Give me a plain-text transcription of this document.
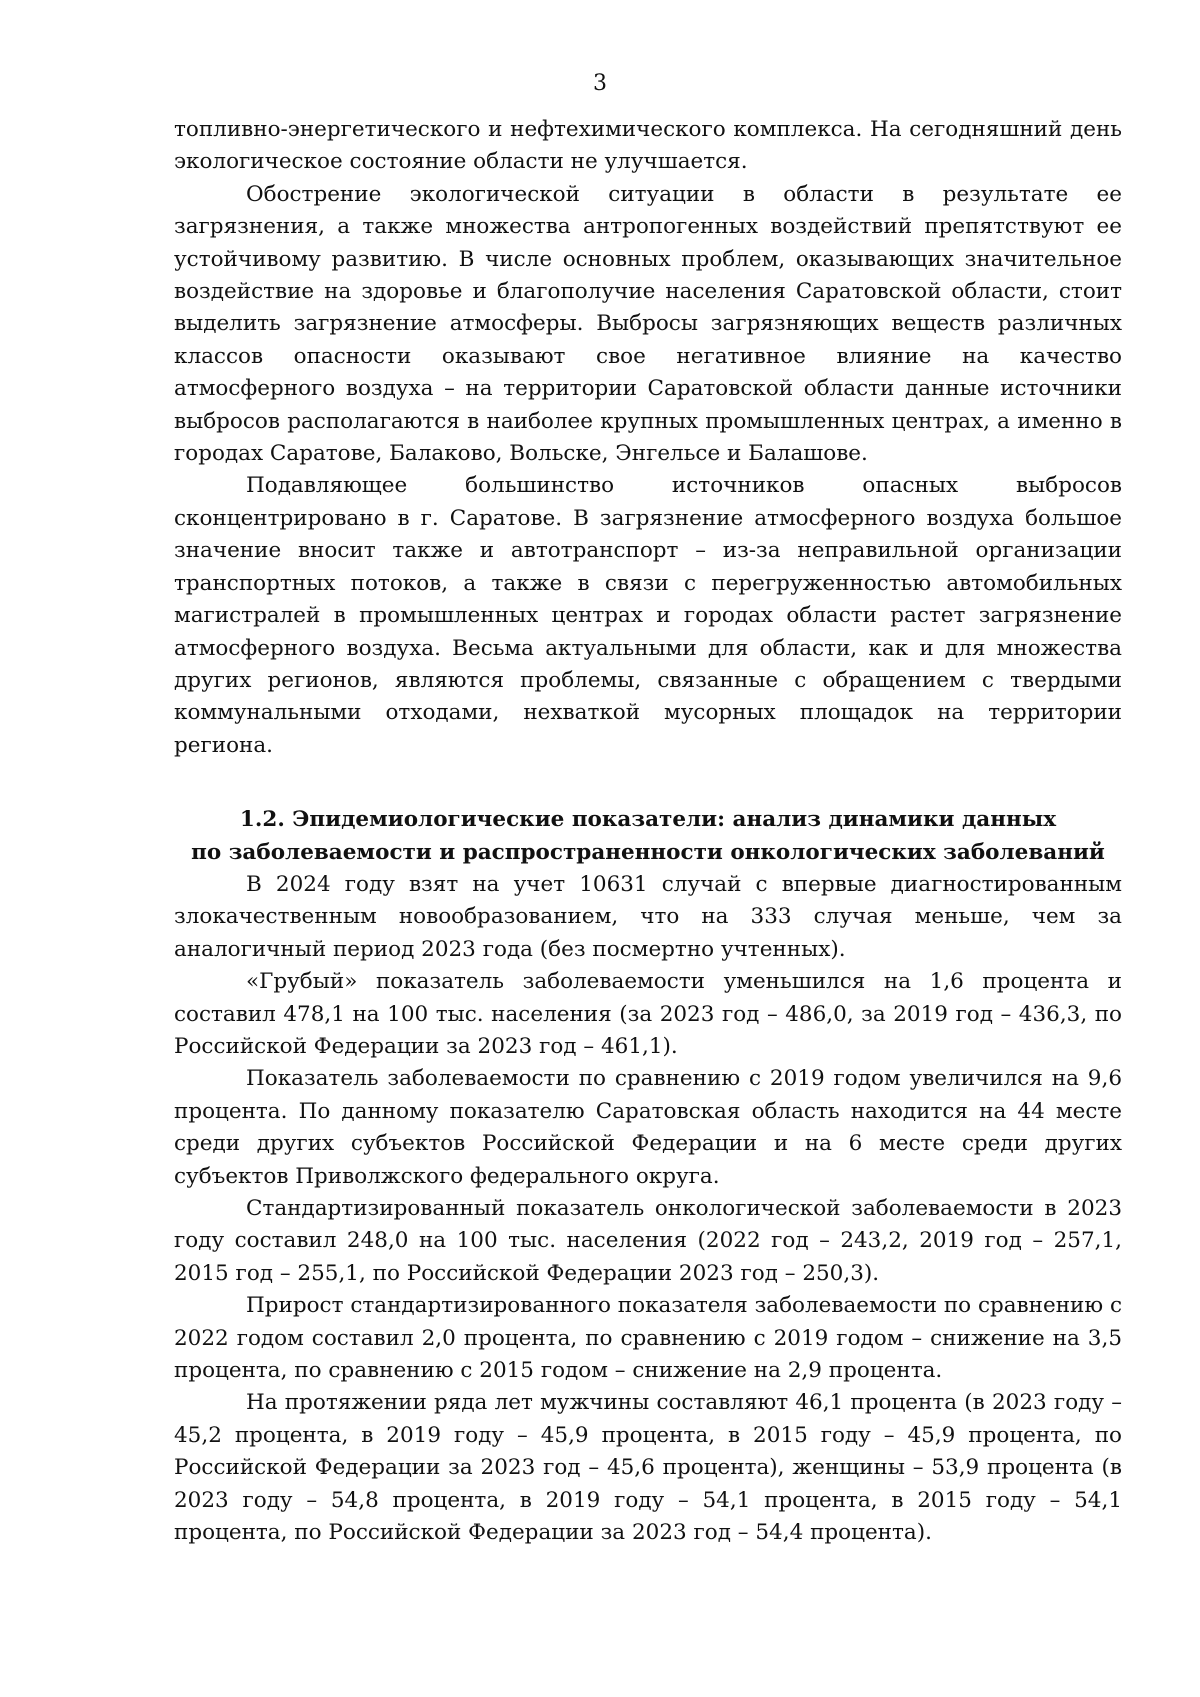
3

топливно-энергетического и нефтехимического комплекса. На сегодняшний день экологическое состояние области не улучшается.

Обострение экологической ситуации в области в результате ее загрязнения, а также множества антропогенных воздействий препятствуют ее устойчивому развитию. В числе основных проблем, оказывающих значительное воздействие на здоровье и благополучие населения Саратовской области, стоит выделить загрязнение атмосферы. Выбросы загрязняющих веществ различных классов опасности оказывают свое негативное влияние на качество атмосферного воздуха – на территории Саратовской области данные источники выбросов располагаются в наиболее крупных промышленных центрах, а именно в городах Саратове, Балаково, Вольске, Энгельсе и Балашове.

Подавляющее большинство источников опасных выбросов сконцентрировано в г. Саратове. В загрязнение атмосферного воздуха большое значение вносит также и автотранспорт – из-за неправильной организации транспортных потоков, а также в связи с перегруженностью автомобильных магистралей в промышленных центрах и городах области растет загрязнение атмосферного воздуха. Весьма актуальными для области, как и для множества других регионов, являются проблемы, связанные с обращением с твердыми коммунальными отходами, нехваткой мусорных площадок на территории региона.

1.2. Эпидемиологические показатели: анализ динамики данных
по заболеваемости и распространенности онкологических заболеваний

В 2024 году взят на учет 10631 случай с впервые диагностированным злокачественным новообразованием, что на 333 случая меньше, чем за аналогичный период 2023 года (без посмертно учтенных).

«Грубый» показатель заболеваемости уменьшился на 1,6 процента и составил 478,1 на 100 тыс. населения (за 2023 год – 486,0, за 2019 год – 436,3, по Российской Федерации за 2023 год – 461,1).

Показатель заболеваемости по сравнению с 2019 годом увеличился на 9,6 процента. По данному показателю Саратовская область находится на 44 месте среди других субъектов Российской Федерации и на 6 месте среди других субъектов Приволжского федерального округа.

Стандартизированный показатель онкологической заболеваемости в 2023 году составил 248,0 на 100 тыс. населения (2022 год – 243,2, 2019 год – 257,1, 2015 год – 255,1, по Российской Федерации 2023 год – 250,3).

Прирост стандартизированного показателя заболеваемости по сравнению с 2022 годом составил 2,0 процента, по сравнению с 2019 годом – снижение на 3,5 процента, по сравнению с 2015 годом – снижение на 2,9 процента.

На протяжении ряда лет мужчины составляют 46,1 процента (в 2023 году – 45,2 процента, в 2019 году – 45,9 процента, в 2015 году – 45,9 процента, по Российской Федерации за 2023 год – 45,6 процента), женщины – 53,9 процента (в 2023 году – 54,8 процента, в 2019 году – 54,1 процента, в 2015 году – 54,1 процента, по Российской Федерации за 2023 год – 54,4 процента).
